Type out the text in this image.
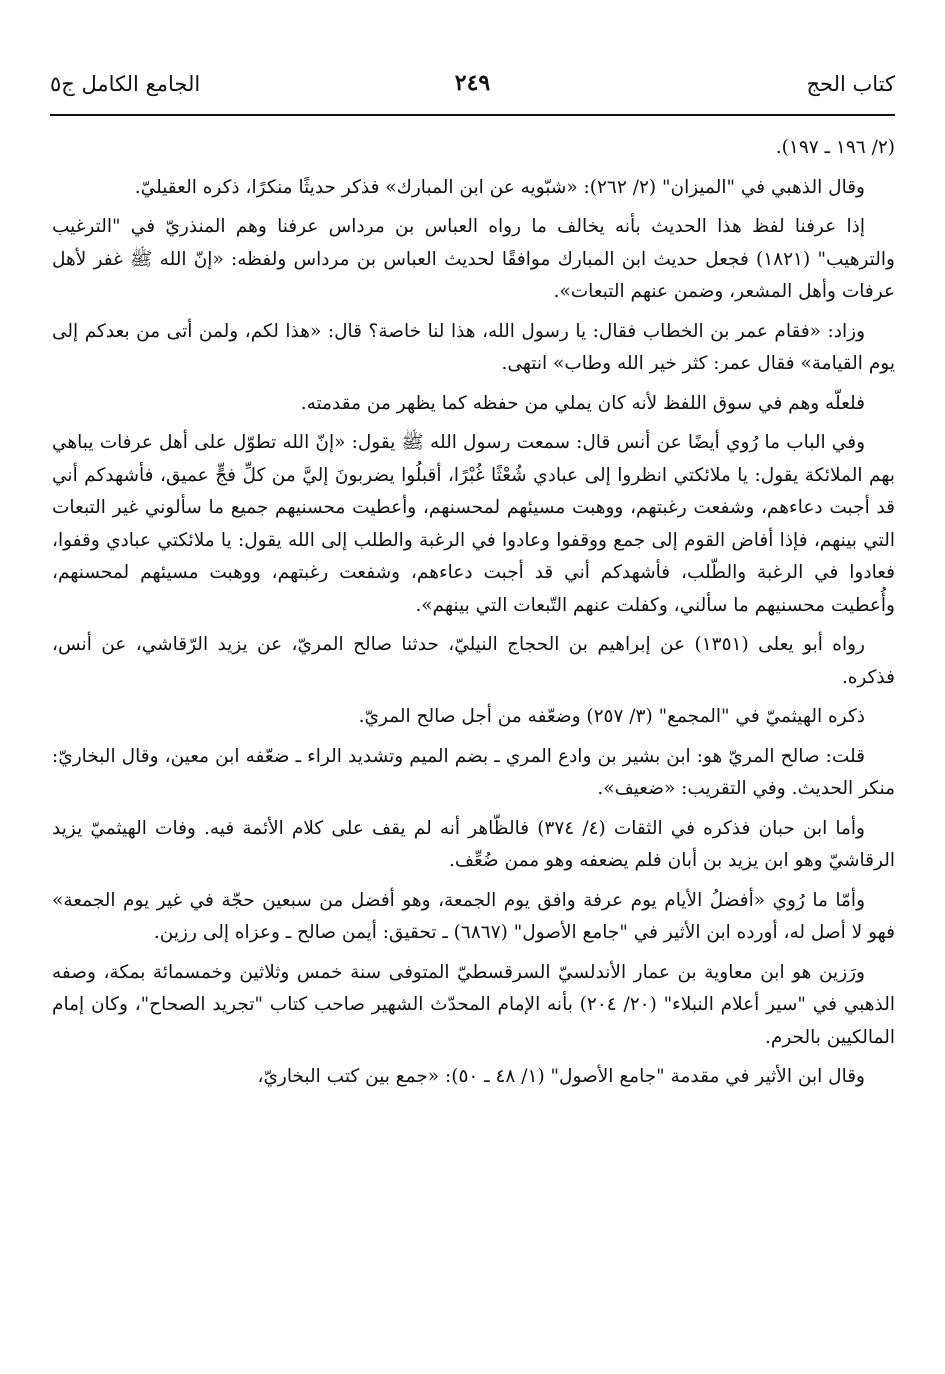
كتاب الحج
٢٤٩
الجامع الكامل ج٥

(٢/ ١٩٦ ـ ١٩٧).

وقال الذهبي في "الميزان" (٢/ ٢٦٢): «شبّويه عن ابن المبارك» فذكر حديثًا منكرًا، ذكره العقيليّ.

إذا عرفنا لفظ هذا الحديث بأنه يخالف ما رواه العباس بن مرداس عرفنا وهم المنذريّ في "الترغيب والترهيب" (١٨٢١) فجعل حديث ابن المبارك موافقًا لحديث العباس بن مرداس ولفظه: «إنّ الله ﷺ غفر لأهل عرفات وأهل المشعر، وضمن عنهم التبعات».

وزاد: «فقام عمر بن الخطاب فقال: يا رسول الله، هذا لنا خاصة؟ قال: «هذا لكم، ولمن أتى من بعدكم إلى يوم القيامة» فقال عمر: كثر خير الله وطاب» انتهى.

فلعلّه وهم في سوق اللفظ لأنه كان يملي من حفظه كما يظهر من مقدمته.

وفي الباب ما رُوي أيضًا عن أنس قال: سمعت رسول الله ﷺ يقول: «إنّ الله تطوّل على أهل عرفات يباهي بهم الملائكة يقول: يا ملائكتي انظروا إلى عبادي شُعْثًا غُبْرًا، أقبلُوا يضربونَ إليَّ من كلِّ فجٍّ عميق، فأشهدكم أني قد أجبت دعاءهم، وشفعت رغبتهم، ووهبت مسيئهم لمحسنهم، وأعطيت محسنيهم جميع ما سألوني غير التبعات التي بينهم، فإذا أفاض القوم إلى جمع ووقفوا وعادوا في الرغبة والطلب إلى الله يقول: يا ملائكتي عبادي وقفوا، فعادوا في الرغبة والطّلب، فأشهدكم أني قد أجبت دعاءهم، وشفعت رغبتهم، ووهبت مسيئهم لمحسنهم، وأُعطيت محسنيهم ما سألني، وكفلت عنهم التّبعات التي بينهم».

رواه أبو يعلى (١٣٥١) عن إبراهيم بن الحجاج النيليّ، حدثنا صالح المريّ، عن يزيد الرّقاشي، عن أنس، فذكره.

ذكره الهيثميّ في "المجمع" (٣/ ٢٥٧) وضعّفه من أجل صالح المريّ.

قلت: صالح المريّ هو: ابن بشير بن وادع المري ـ بضم الميم وتشديد الراء ـ ضعّفه ابن معين، وقال البخاريّ: منكر الحديث. وفي التقريب: «ضعيف».

وأما ابن حبان فذكره في الثقات (٤/ ٣٧٤) فالظّاهر أنه لم يقف على كلام الأئمة فيه. وفات الهيثميّ يزيد الرقاشيّ وهو ابن يزيد بن أبان فلم يضعفه وهو ممن ضُعِّف.

وأمّا ما رُوي «أفضلُ الأيام يوم عرفة وافق يوم الجمعة، وهو أفضل من سبعين حجّة في غير يوم الجمعة» فهو لا أصل له، أورده ابن الأثير في "جامع الأصول" (٦٨٦٧) ـ تحقيق: أيمن صالح ـ وعزاه إلى رزين.

ورَزين هو ابن معاوية بن عمار الأندلسيّ السرقسطيّ المتوفى سنة خمس وثلاثين وخمسمائة بمكة، وصفه الذهبي في "سير أعلام النبلاء" (٢٠/ ٢٠٤) بأنه الإمام المحدّث الشهير صاحب كتاب "تجريد الصحاح"، وكان إمام المالكيين بالحرم.

وقال ابن الأثير في مقدمة "جامع الأصول" (١/ ٤٨ ـ ٥٠): «جمع بين كتب البخاريّ،
